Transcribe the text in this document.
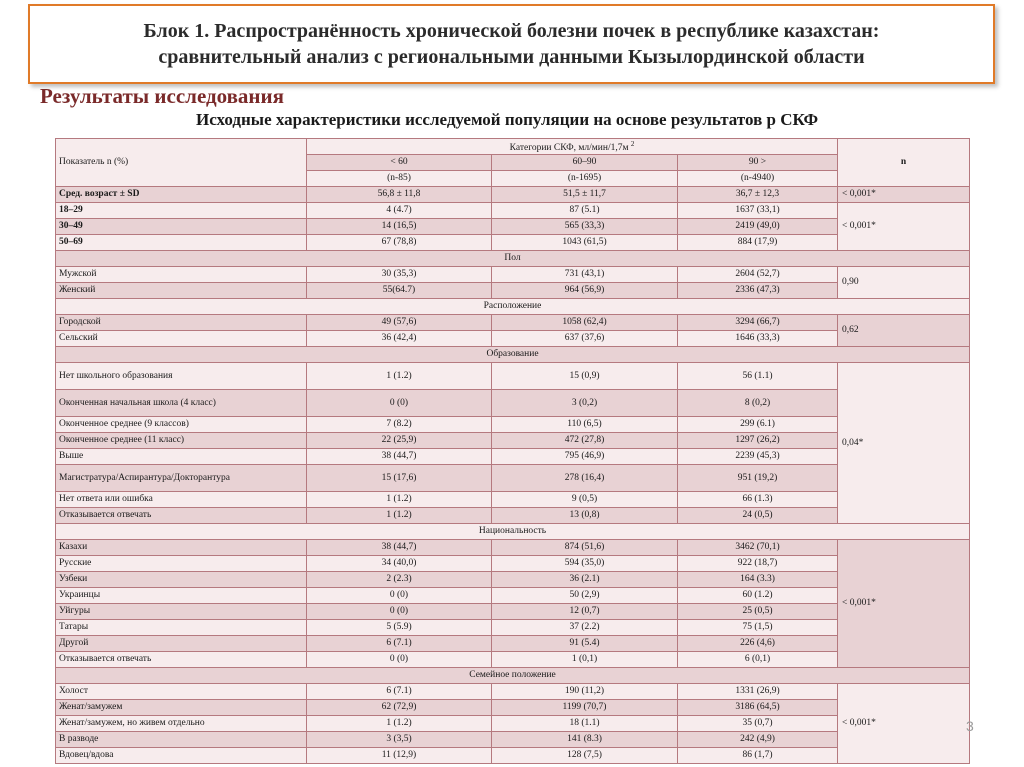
Блок 1. Распространённость хронической болезни почек в республике казахстан:
сравнительный анализ с региональными данными Кызылординской области
Результаты исследования
Исходные характеристики исследуемой популяции на основе результатов р СКФ
Показатель n (%)	Категории СКФ, мл/мин/1,7м $^2$			n
	< 60	60–90	90 >	
	(n-85)	(n-1695)	(n-4940)	
Сред. возраст ± SD	56,8 ± 11,8	51,5 ± 11,7	36,7 ± 12,3	< 0,001*
18–29	4 (4.7)	87 (5.1)	1637 (33,1)	< 0,001*
30–49	14 (16,5)	565 (33,3)	2419 (49,0)	
50–69	67 (78,8)	1043 (61,5)	884 (17,9)	
Пол				
Мужской	30 (35,3)	731 (43,1)	2604 (52,7)	0,90
Женский	55(64.7)	964 (56,9)	2336 (47,3)	
Расположение				
Городской	49 (57,6)	1058 (62,4)	3294 (66,7)	0,62
Сельский	36 (42,4)	637 (37,6)	1646 (33,3)	
Образование				
Нет школьного образования	1 (1.2)	15 (0,9)	56 (1.1)	0,04*
Оконченная начальная школа (4 класс)	0 (0)	3 (0,2)	8 (0,2)	
Оконченное среднее (9 классов)	7 (8.2)	110 (6,5)	299 (6.1)	
Оконченное среднее (11 класс)	22 (25,9)	472 (27,8)	1297 (26,2)	
Выше	38 (44,7)	795 (46,9)	2239 (45,3)	
Магистратура/Аспирантура/Докторантура	15 (17,6)	278 (16,4)	951 (19,2)	
Нет ответа или ошибка	1 (1.2)	9 (0,5)	66 (1.3)	
Отказывается отвечать	1 (1.2)	13 (0,8)	24 (0,5)	
Национальность				
Казахи	38 (44,7)	874 (51,6)	3462 (70,1)	< 0,001*
Русские	34 (40,0)	594 (35,0)	922 (18,7)	
Узбеки	2 (2.3)	36 (2.1)	164 (3.3)	
Украинцы	0 (0)	50 (2,9)	60 (1.2)	
Уйгуры	0 (0)	12 (0,7)	25 (0,5)	
Татары	5 (5.9)	37 (2.2)	75 (1,5)	
Другой	6 (7.1)	91 (5.4)	226 (4,6)	
Отказывается отвечать	0 (0)	1 (0,1)	6 (0,1)	
Семейное положение				
Холост	6 (7.1)	190 (11,2)	1331 (26,9)	< 0,001*
Женат/замужем	62 (72,9)	1199 (70,7)	3186 (64,5)	
Женат/замужем, но живем отдельно	1 (1.2)	18 (1.1)	35 (0,7)	
В разводе	3 (3,5)	141 (8.3)	242 (4,9)	
Вдовец/вдова	11 (12,9)	128 (7,5)	86 (1,7)	
3
